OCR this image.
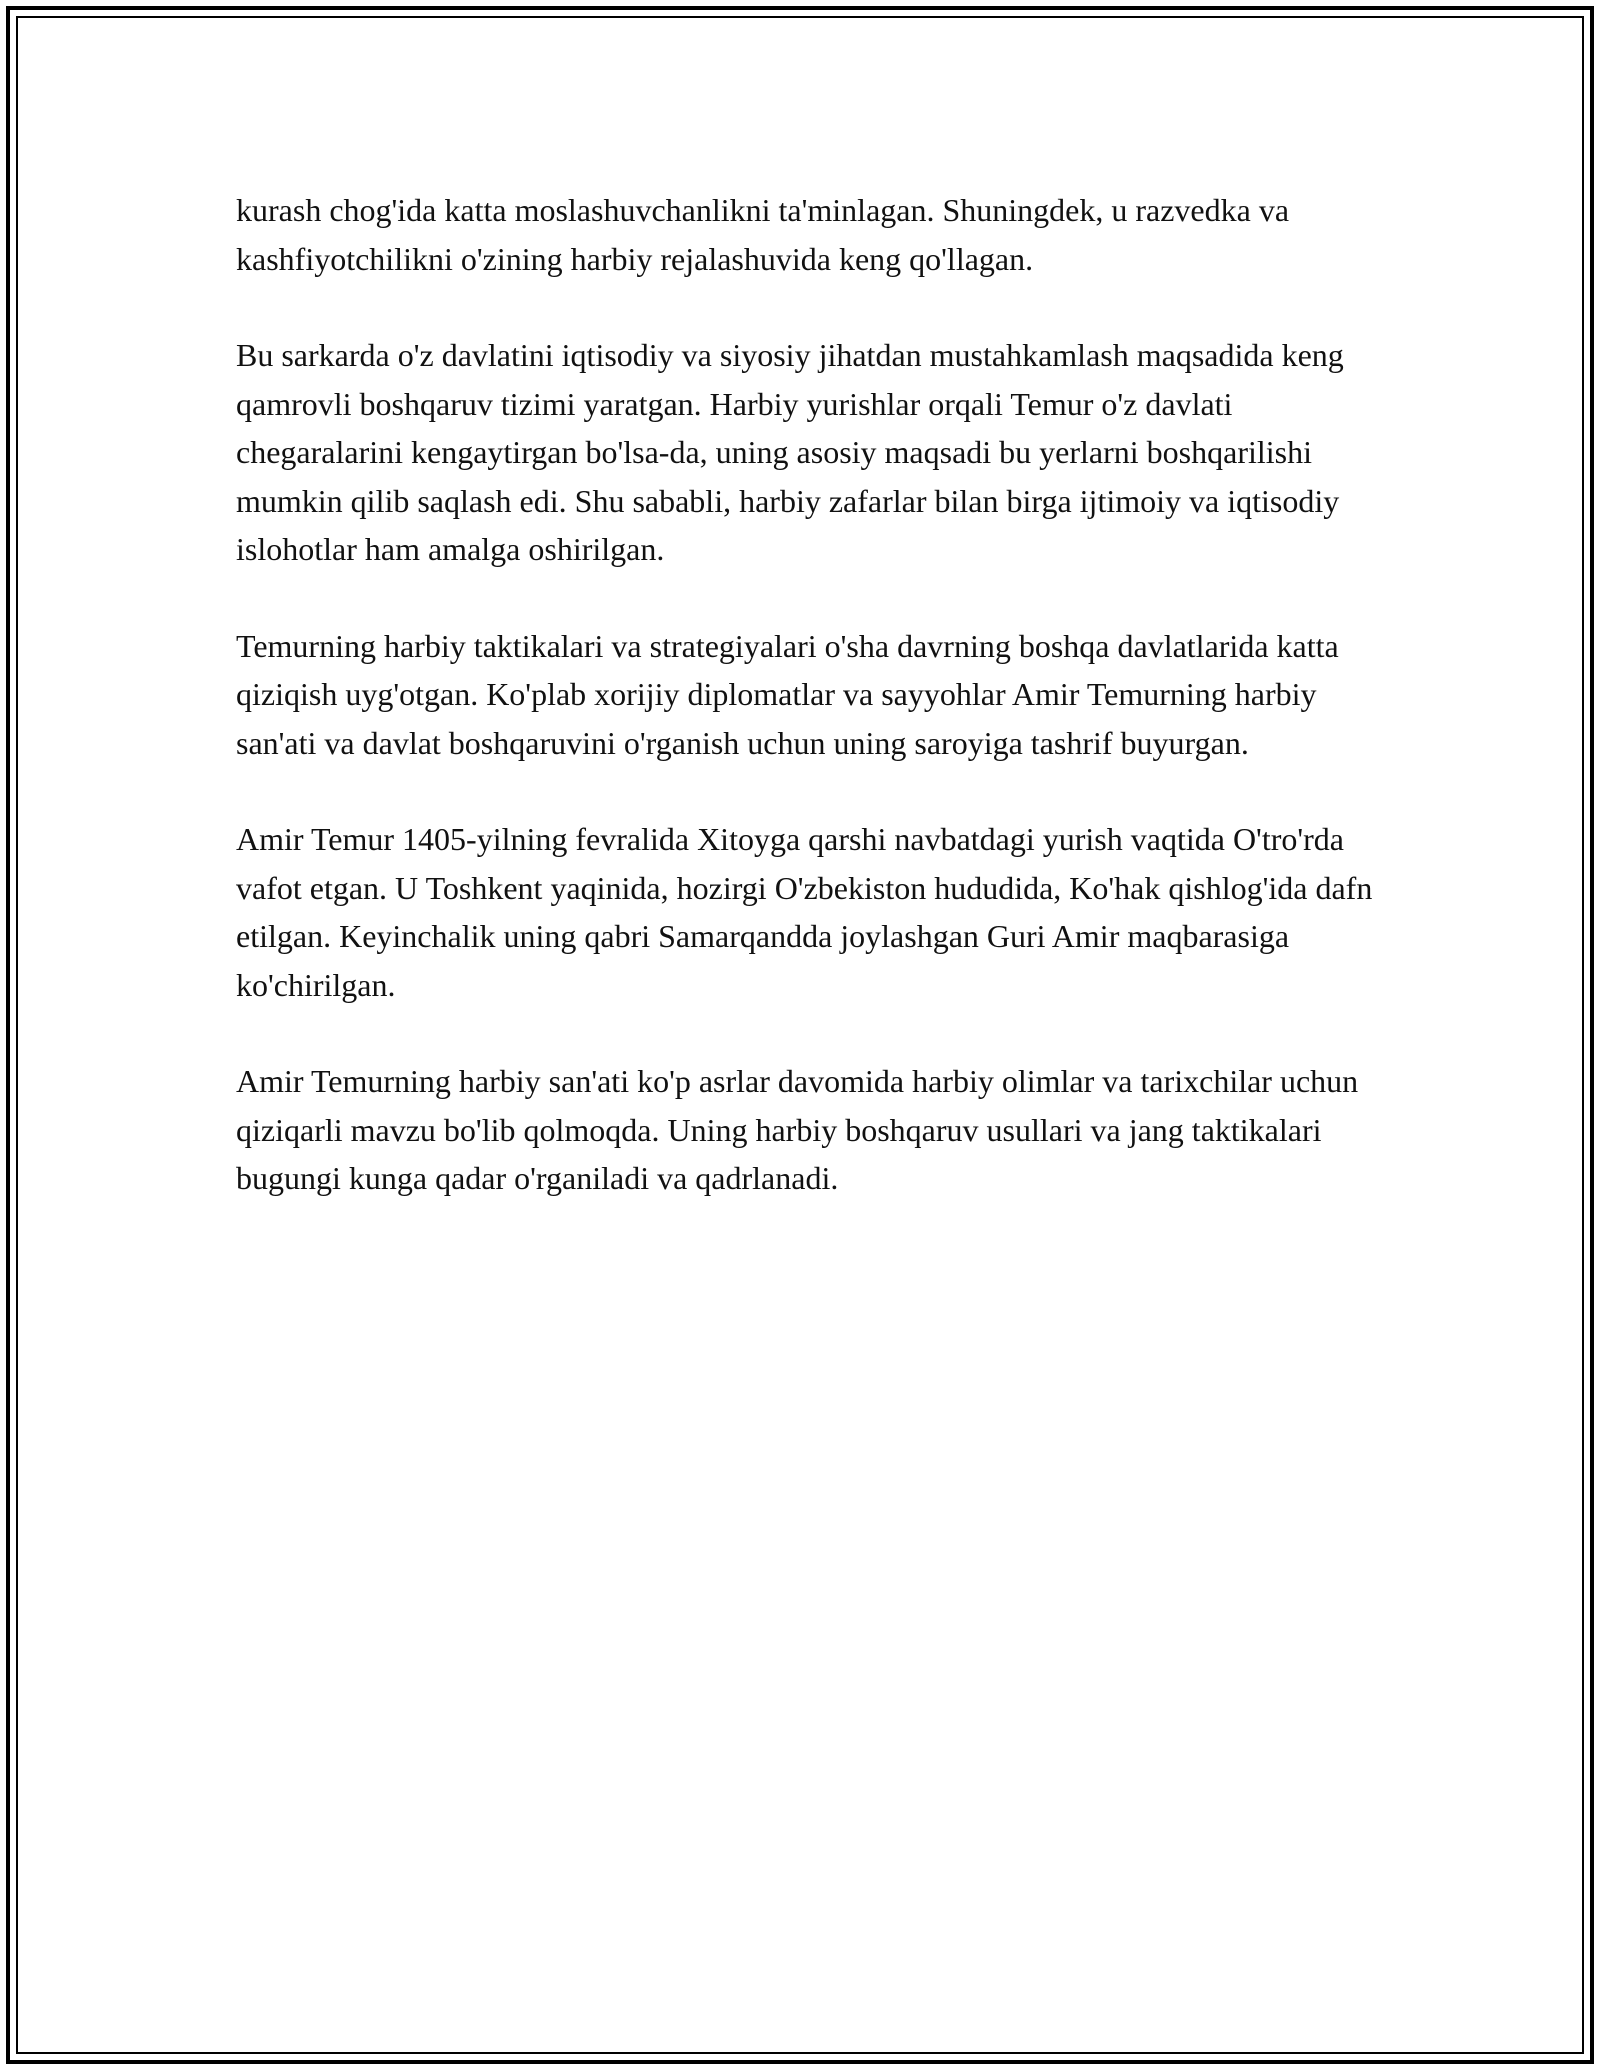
kurash chog'ida katta moslashuvchanlikni ta'minlagan. Shuningdek, u razvedka va kashfiyotchilikni o'zining harbiy rejalashuvida keng qo'llagan.

Bu sarkarda o'z davlatini iqtisodiy va siyosiy jihatdan mustahkamlash maqsadida keng qamrovli boshqaruv tizimi yaratgan. Harbiy yurishlar orqali Temur o'z davlati chegaralarini kengaytirgan bo'lsa-da, uning asosiy maqsadi bu yerlarni boshqarilishi mumkin qilib saqlash edi. Shu sababli, harbiy zafarlar bilan birga ijtimoiy va iqtisodiy islohotlar ham amalga oshirilgan.

Temurning harbiy taktikalari va strategiyalari o'sha davrning boshqa davlatlarida katta qiziqish uyg'otgan. Ko'plab xorijiy diplomatlar va sayyohlar Amir Temurning harbiy san'ati va davlat boshqaruvini o'rganish uchun uning saroyiga tashrif buyurgan.

Amir Temur 1405-yilning fevralida Xitoyga qarshi navbatdagi yurish vaqtida O'tro'rda vafot etgan. U Toshkent yaqinida, hozirgi O'zbekiston hududida, Ko'hak qishlog'ida dafn etilgan. Keyinchalik uning qabri Samarqandda joylashgan Guri Amir maqbarasiga ko'chirilgan.

Amir Temurning harbiy san'ati ko'p asrlar davomida harbiy olimlar va tarixchilar uchun qiziqarli mavzu bo'lib qolmoqda. Uning harbiy boshqaruv usullari va jang taktikalari bugungi kunga qadar o'rganiladi va qadrlanadi.
